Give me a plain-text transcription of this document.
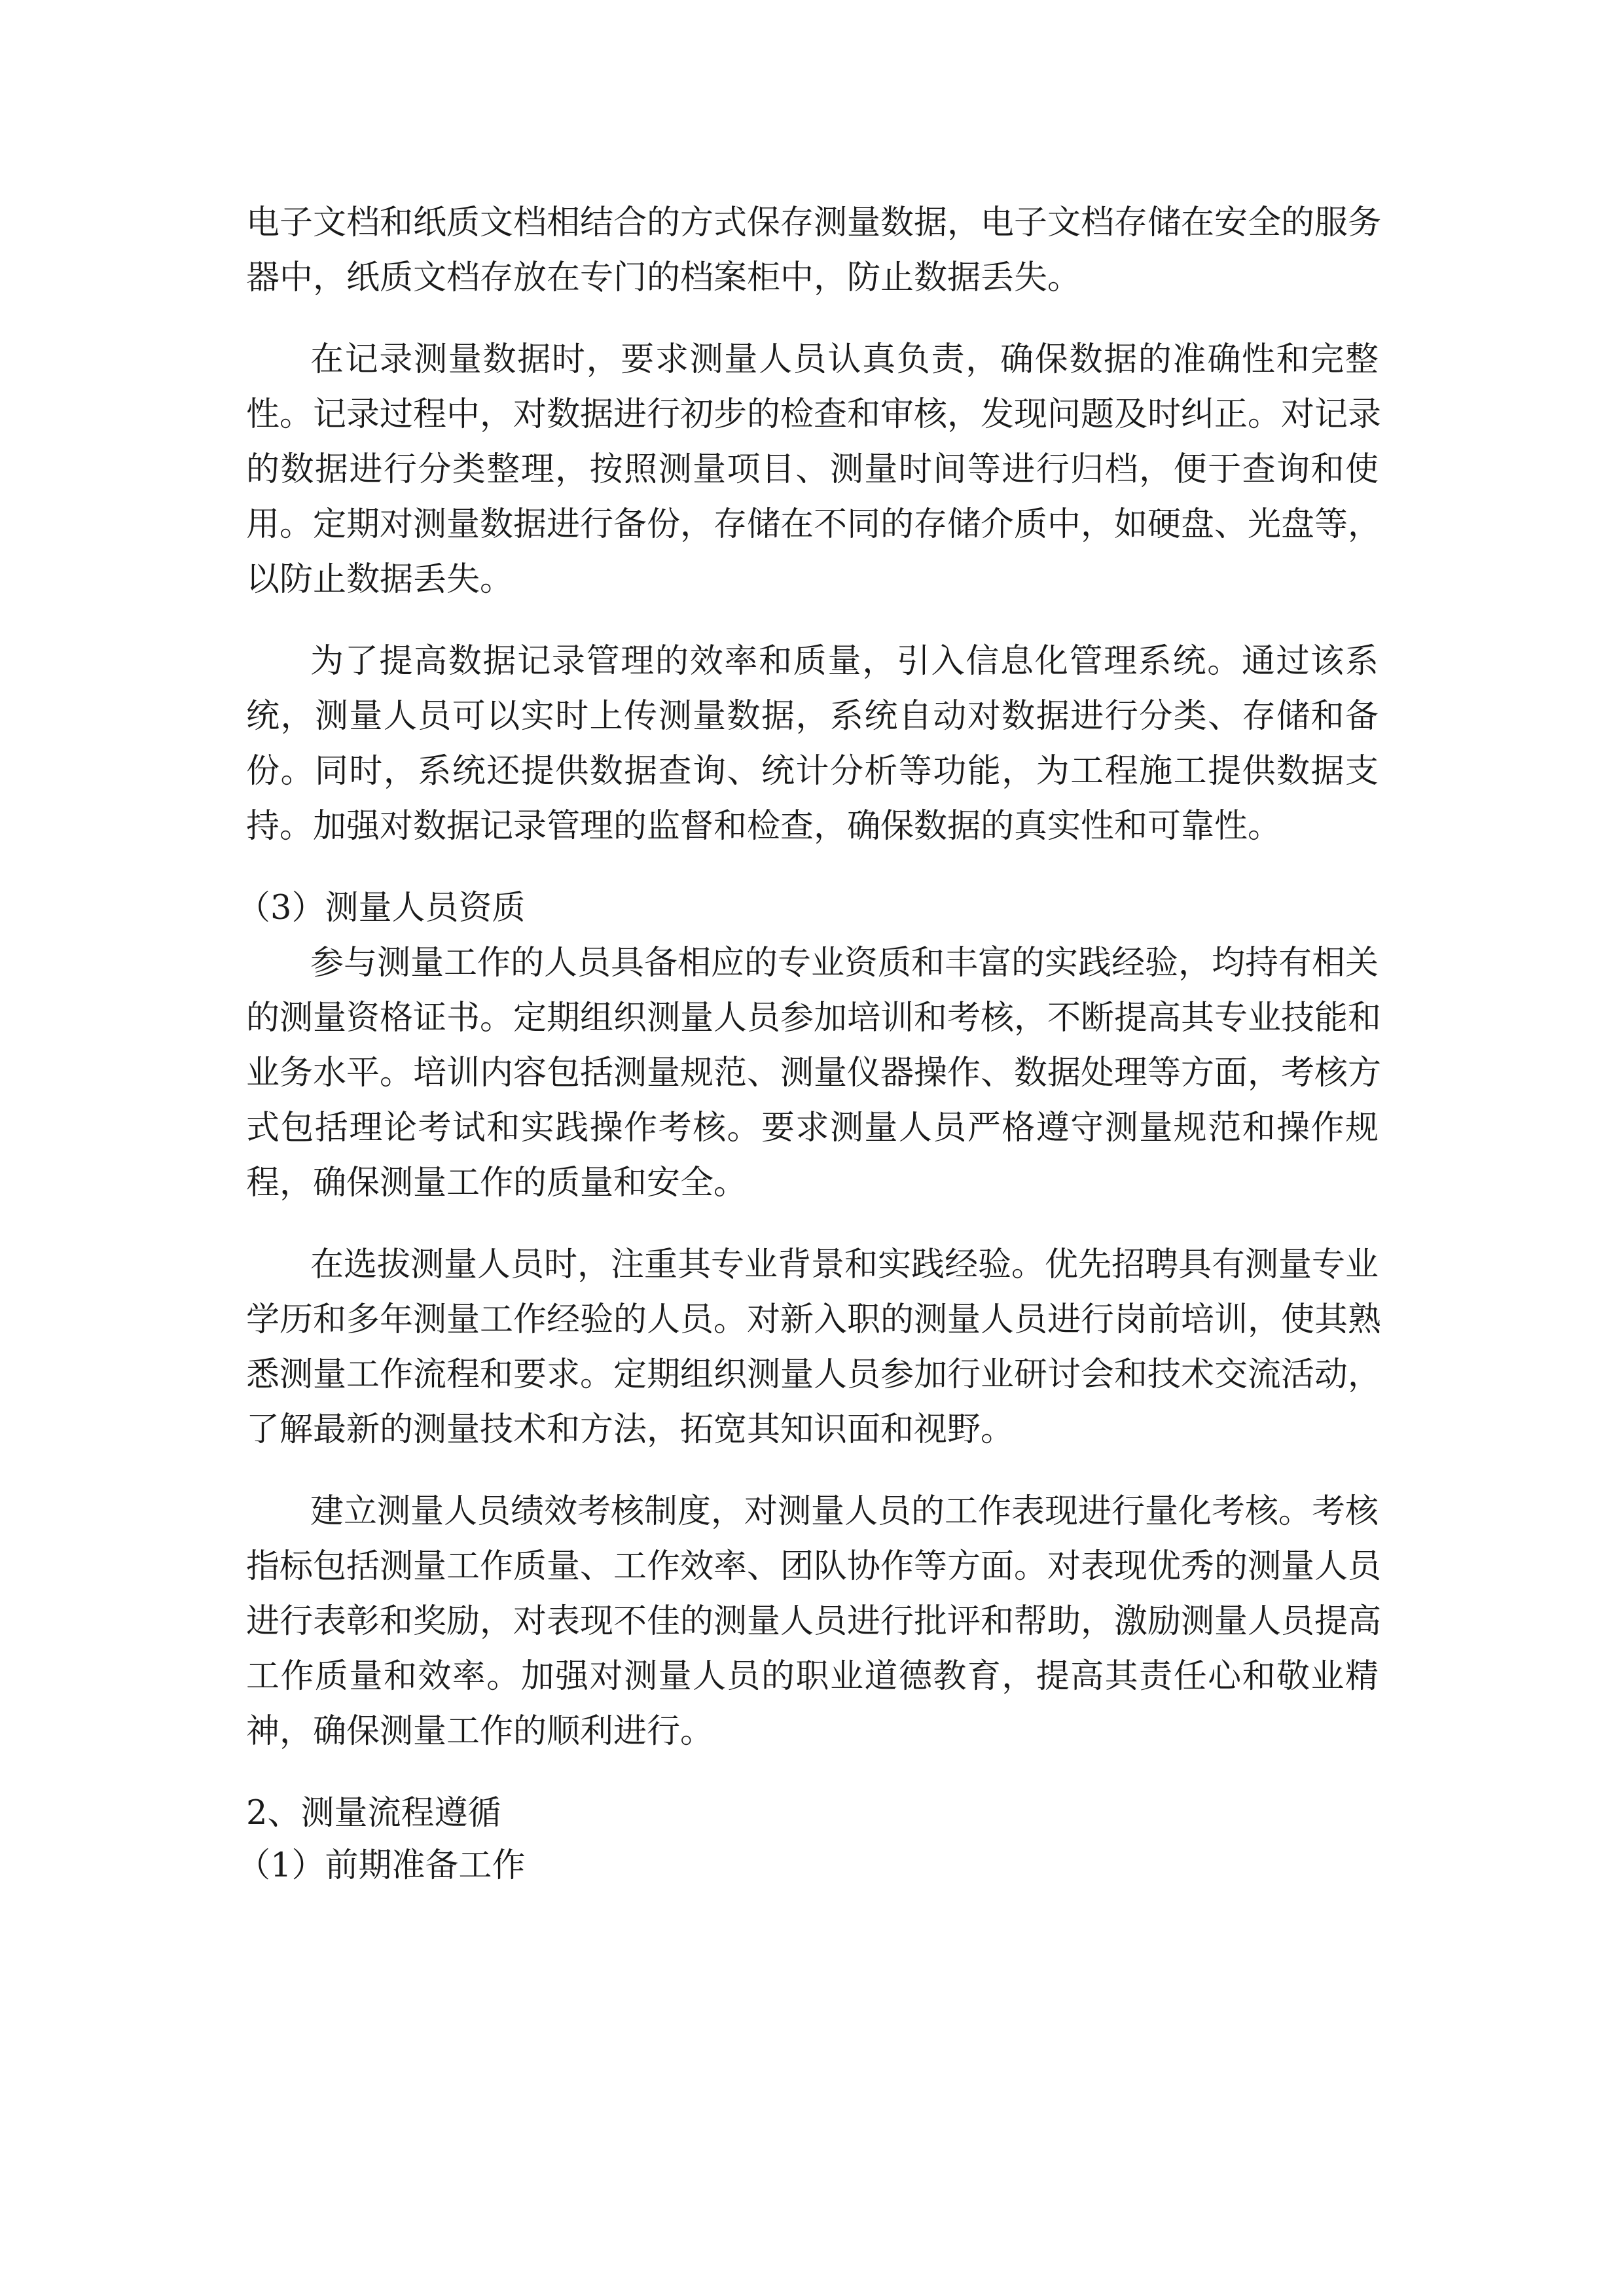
电子文档和纸质文档相结合的方式保存测量数据，电子文档存储在安全的服务
器中，纸质文档存放在专门的档案柜中，防止数据丢失。
在记录测量数据时，要求测量人员认真负责，确保数据的准确性和完整
性。记录过程中，对数据进行初步的检查和审核，发现问题及时纠正。对记录
的数据进行分类整理，按照测量项目、测量时间等进行归档，便于查询和使
用。定期对测量数据进行备份，存储在不同的存储介质中，如硬盘、光盘等，
以防止数据丢失。
为了提高数据记录管理的效率和质量，引入信息化管理系统。通过该系
统，测量人员可以实时上传测量数据，系统自动对数据进行分类、存储和备
份。同时，系统还提供数据查询、统计分析等功能，为工程施工提供数据支
持。加强对数据记录管理的监督和检查，确保数据的真实性和可靠性。
（3）测量人员资质
参与测量工作的人员具备相应的专业资质和丰富的实践经验，均持有相关
的测量资格证书。定期组织测量人员参加培训和考核，不断提高其专业技能和
业务水平。培训内容包括测量规范、测量仪器操作、数据处理等方面，考核方
式包括理论考试和实践操作考核。要求测量人员严格遵守测量规范和操作规
程，确保测量工作的质量和安全。
在选拔测量人员时，注重其专业背景和实践经验。优先招聘具有测量专业
学历和多年测量工作经验的人员。对新入职的测量人员进行岗前培训，使其熟
悉测量工作流程和要求。定期组织测量人员参加行业研讨会和技术交流活动，
了解最新的测量技术和方法，拓宽其知识面和视野。
建立测量人员绩效考核制度，对测量人员的工作表现进行量化考核。考核
指标包括测量工作质量、工作效率、团队协作等方面。对表现优秀的测量人员
进行表彰和奖励，对表现不佳的测量人员进行批评和帮助，激励测量人员提高
工作质量和效率。加强对测量人员的职业道德教育，提高其责任心和敬业精
神，确保测量工作的顺利进行。
2、测量流程遵循
（1）前期准备工作
